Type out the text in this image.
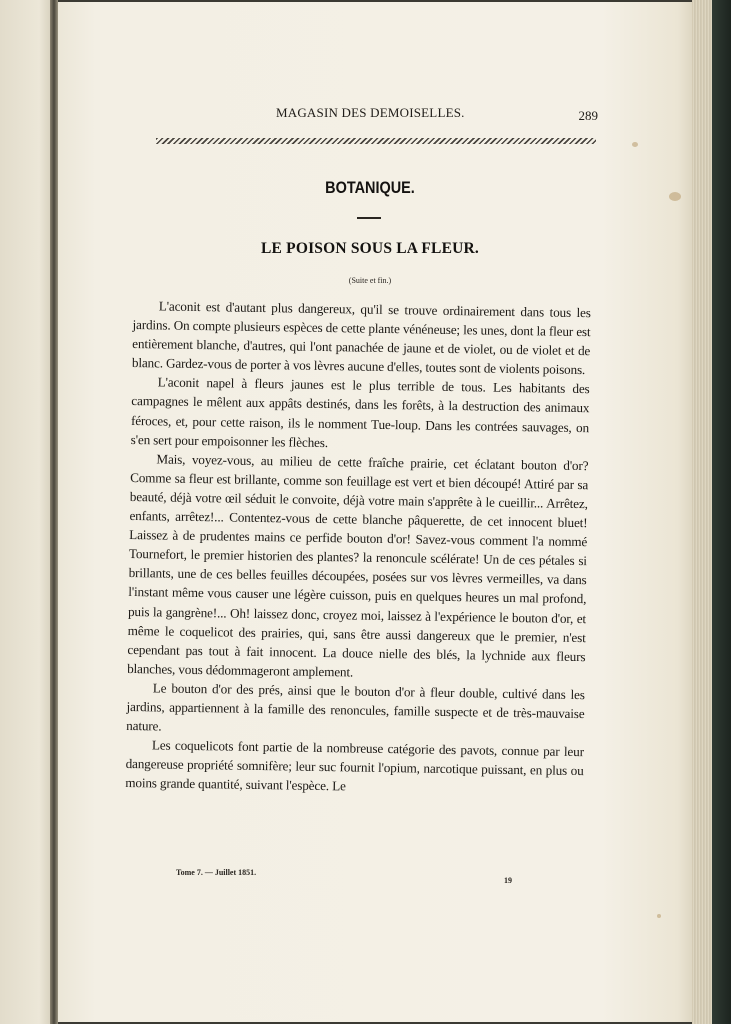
MAGASIN DES DEMOISELLES.	289
BOTANIQUE.
LE POISON SOUS LA FLEUR.
(Suite et fin.)

L'aconit est d'autant plus dangereux, qu'il se trouve ordinairement dans tous les jardins. On compte plusieurs espèces de cette plante vénéneuse; les unes, dont la fleur est entièrement blanche, d'autres, qui l'ont panachée de jaune et de violet, ou de violet et de blanc. Gardez-vous de porter à vos lèvres aucune d'elles, toutes sont de violents poisons.

L'aconit napel à fleurs jaunes est le plus terrible de tous. Les habitants des campagnes le mêlent aux appâts destinés, dans les forêts, à la destruction des animaux féroces, et, pour cette raison, ils le nomment Tue-loup. Dans les contrées sauvages, on s'en sert pour empoisonner les flèches.

Mais, voyez-vous, au milieu de cette fraîche prairie, cet éclatant bouton d'or? Comme sa fleur est brillante, comme son feuillage est vert et bien découpé! Attiré par sa beauté, déjà votre œil séduit le convoite, déjà votre main s'apprête à le cueillir... Arrêtez, enfants, arrêtez!... Contentez-vous de cette blanche pâquerette, de cet innocent bluet! Laissez à de prudentes mains ce perfide bouton d'or! Savez-vous comment l'a nommé Tournefort, le premier historien des plantes? la renoncule scélérate! Un de ces pétales si brillants, une de ces belles feuilles découpées, posées sur vos lèvres vermeilles, va dans l'instant même vous causer une légère cuisson, puis en quelques heures un mal profond, puis la gangrène!... Oh! laissez donc, croyez moi, laissez à l'expérience le bouton d'or, et même le coquelicot des prairies, qui, sans être aussi dangereux que le premier, n'est cependant pas tout à fait innocent. La douce nielle des blés, la lychnide aux fleurs blanches, vous dédommageront amplement.

Le bouton d'or des prés, ainsi que le bouton d'or à fleur double, cultivé dans les jardins, appartiennent à la famille des renoncules, famille suspecte et de très-mauvaise nature.

Les coquelicots font partie de la nombreuse catégorie des pavots, connue par leur dangereuse propriété somnifère; leur suc fournit l'opium, narcotique puissant, en plus ou moins grande quantité, suivant l'espèce. Le

Tome 7. — Juillet 1851.
19
